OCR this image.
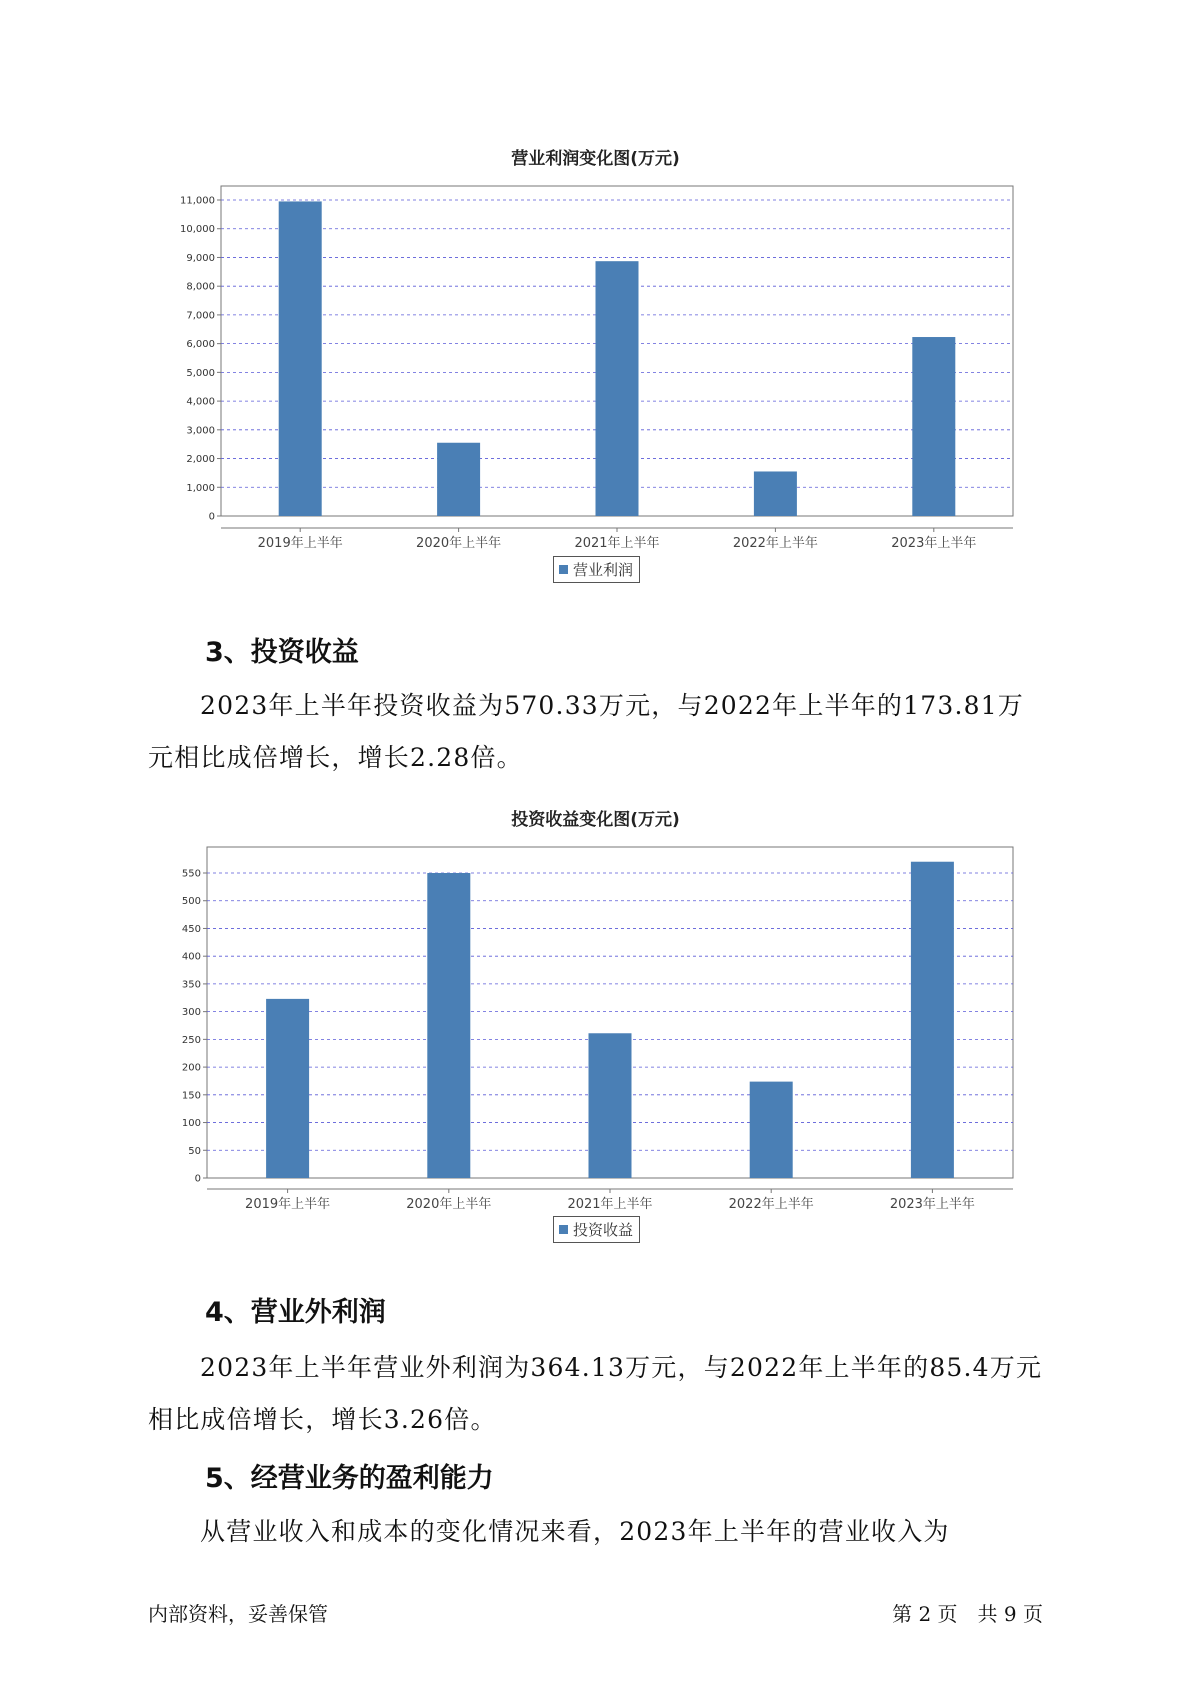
营业利润变化图(万元)
0
1,000
2,000
3,000
4,000
5,000
6,000
7,000
8,000
9,000
10,000
11,000
2019年上半年	2020年上半年	2021年上半年	2022年上半年	2023年上半年
营业利润
3、投资收益

2023年上半年投资收益为570.33万元，与2022年上半年的173.81万元相比成倍增长，增长2.28倍。

投资收益变化图(万元)
0
50
100
150
200
250
300
350
400
450
500
550
2019年上半年	2020年上半年	2021年上半年	2022年上半年	2023年上半年
投资收益
4、营业外利润

2023年上半年营业外利润为364.13万元，与2022年上半年的85.4万元相比成倍增长，增长3.26倍。

5、经营业务的盈利能力

从营业收入和成本的变化情况来看，2023年上半年的营业收入为

内部资料，妥善保管	第 2 页　共 9 页
